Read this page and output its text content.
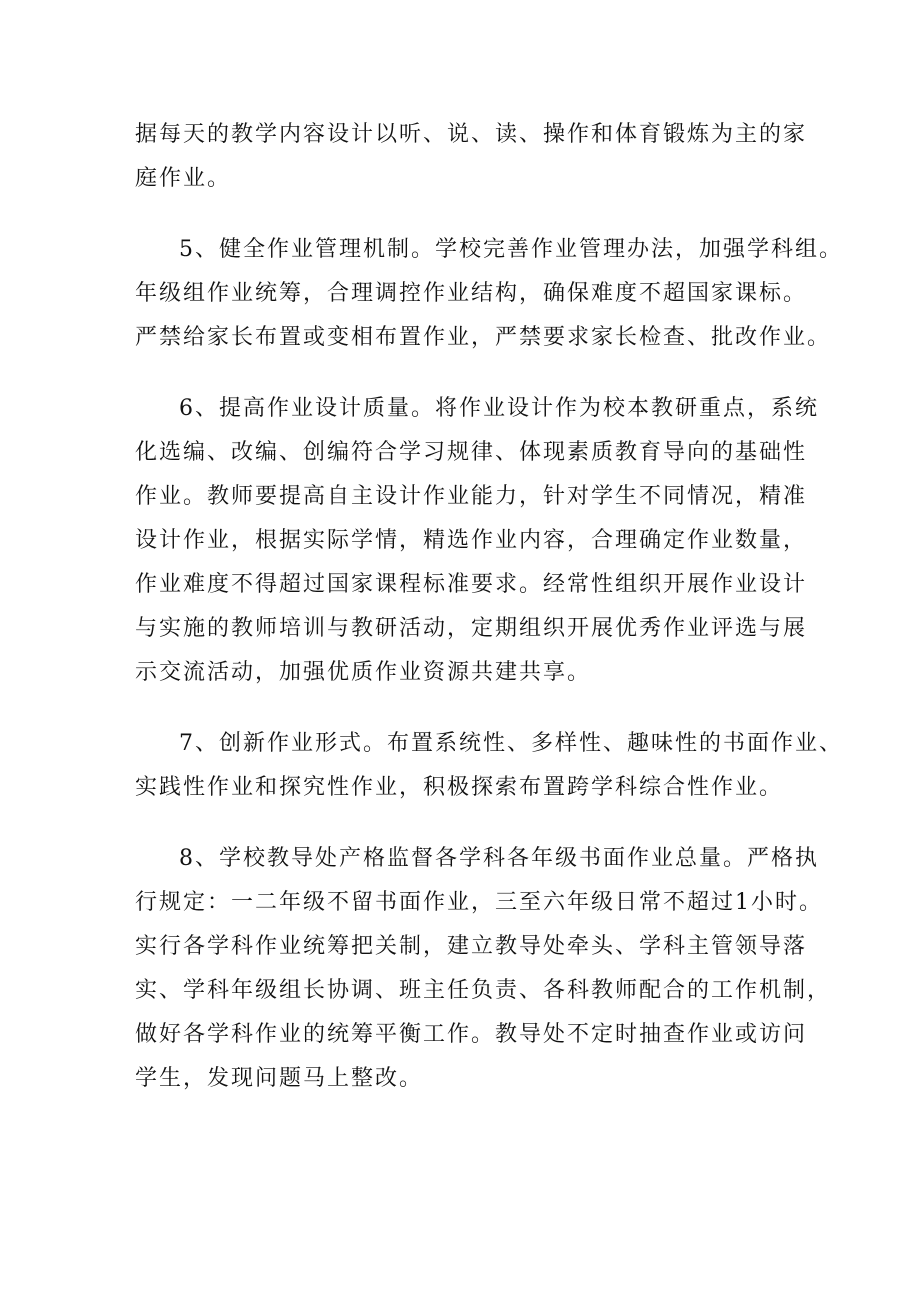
据每天的教学内容设计以听、说、读、操作和体育锻炼为主的家
庭作业。
5、健全作业管理机制。学校完善作业管理办法，加强学科组。
年级组作业统筹，合理调控作业结构，确保难度不超国家课标。
严禁给家长布置或变相布置作业，严禁要求家长检查、批改作业。
6、提高作业设计质量。将作业设计作为校本教研重点，系统
化选编、改编、创编符合学习规律、体现素质教育导向的基础性
作业。教师要提高自主设计作业能力，针对学生不同情况，精准
设计作业，根据实际学情，精选作业内容，合理确定作业数量，
作业难度不得超过国家课程标准要求。经常性组织开展作业设计
与实施的教师培训与教研活动，定期组织开展优秀作业评选与展
示交流活动，加强优质作业资源共建共享。
7、创新作业形式。布置系统性、多样性、趣味性的书面作业、
实践性作业和探究性作业，积极探索布置跨学科综合性作业。
8、学校教导处产格监督各学科各年级书面作业总量。严格执
行规定：一二年级不留书面作业，三至六年级日常不超过1小时。
实行各学科作业统筹把关制，建立教导处牵头、学科主管领导落
实、学科年级组长协调、班主任负责、各科教师配合的工作机制，
做好各学科作业的统筹平衡工作。教导处不定时抽查作业或访问
学生，发现问题马上整改。
